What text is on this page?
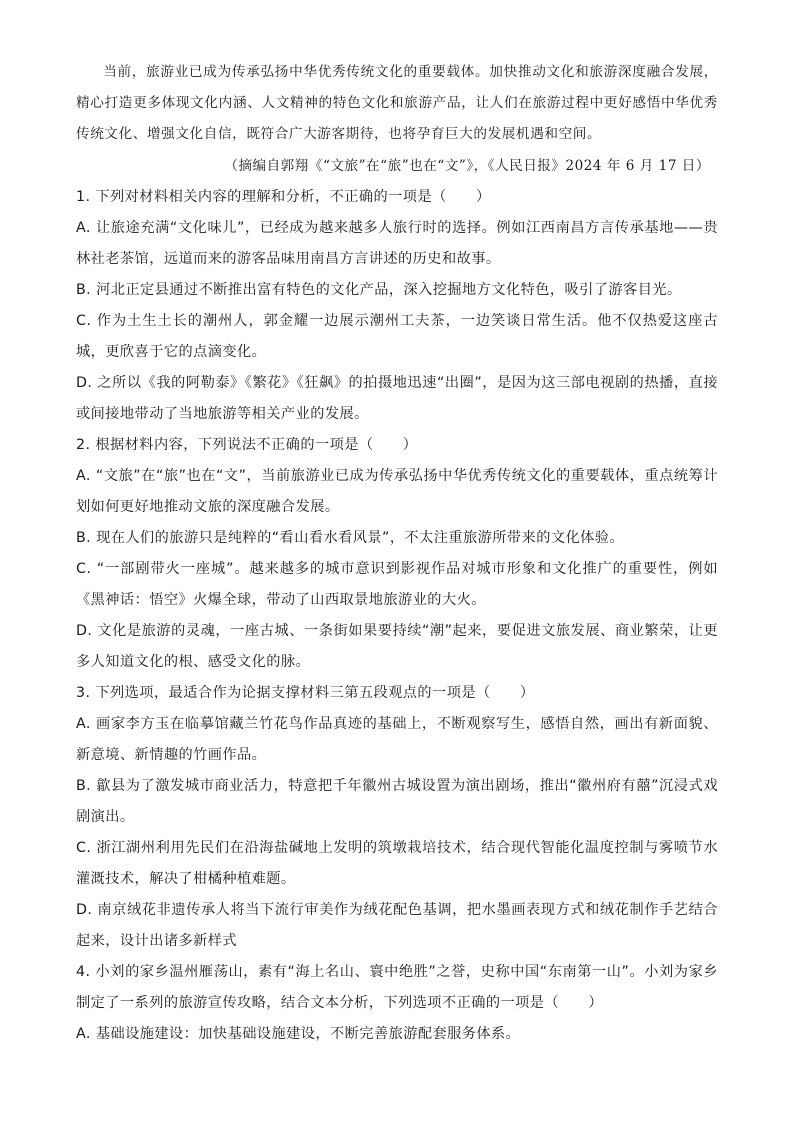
当前，旅游业已成为传承弘扬中华优秀传统文化的重要载体。加快推动文化和旅游深度融合发展，精心打造更多体现文化内涵、人文精神的特色文化和旅游产品，让人们在旅游过程中更好感悟中华优秀传统文化、增强文化自信，既符合广大游客期待，也将孕育巨大的发展机遇和空间。

（摘编自郭翔《“文旅”在“旅”也在“文”》，《人民日报》2024 年 6 月 17 日）

1. 下列对材料相关内容的理解和分析，不正确的一项是（　　）

A. 让旅途充满“文化味儿”，已经成为越来越多人旅行时的选择。例如江西南昌方言传承基地——贵林社老茶馆，远道而来的游客品味用南昌方言讲述的历史和故事。

B. 河北正定县通过不断推出富有特色的文化产品，深入挖掘地方文化特色，吸引了游客目光。

C. 作为土生土长的潮州人，郭金耀一边展示潮州工夫茶，一边笑谈日常生活。他不仅热爱这座古城，更欣喜于它的点滴变化。

D. 之所以《我的阿勒泰》《繁花》《狂飙》的拍摄地迅速“出圈”，是因为这三部电视剧的热播，直接或间接地带动了当地旅游等相关产业的发展。

2. 根据材料内容，下列说法不正确的一项是（　　）

A. “文旅”在“旅”也在“文”，当前旅游业已成为传承弘扬中华优秀传统文化的重要载体，重点统筹计划如何更好地推动文旅的深度融合发展。

B. 现在人们的旅游只是纯粹的“看山看水看风景”，不太注重旅游所带来的文化体验。

C. “一部剧带火一座城”。越来越多的城市意识到影视作品对城市形象和文化推广的重要性，例如《黑神话：悟空》火爆全球，带动了山西取景地旅游业的大火。

D. 文化是旅游的灵魂，一座古城、一条街如果要持续“潮”起来，要促进文旅发展、商业繁荣，让更多人知道文化的根、感受文化的脉。

3. 下列选项，最适合作为论据支撑材料三第五段观点的一项是（　　）

A. 画家李方玉在临摹馆藏兰竹花鸟作品真迹的基础上，不断观察写生，感悟自然，画出有新面貌、新意境、新情趣的竹画作品。

B. 歙县为了激发城市商业活力，特意把千年徽州古城设置为演出剧场，推出“徽州府有囍”沉浸式戏剧演出。

C. 浙江湖州利用先民们在沿海盐碱地上发明的筑墩栽培技术，结合现代智能化温度控制与雾喷节水灌溉技术，解决了柑橘种植难题。

D. 南京绒花非遗传承人将当下流行审美作为绒花配色基调，把水墨画表现方式和绒花制作手艺结合起来，设计出诸多新样式

4. 小刘的家乡温州雁荡山，素有“海上名山、寰中绝胜”之誉，史称中国“东南第一山”。小刘为家乡制定了一系列的旅游宣传攻略，结合文本分析，下列选项不正确的一项是（　　）

A. 基础设施建设：加快基础设施建设，不断完善旅游配套服务体系。
